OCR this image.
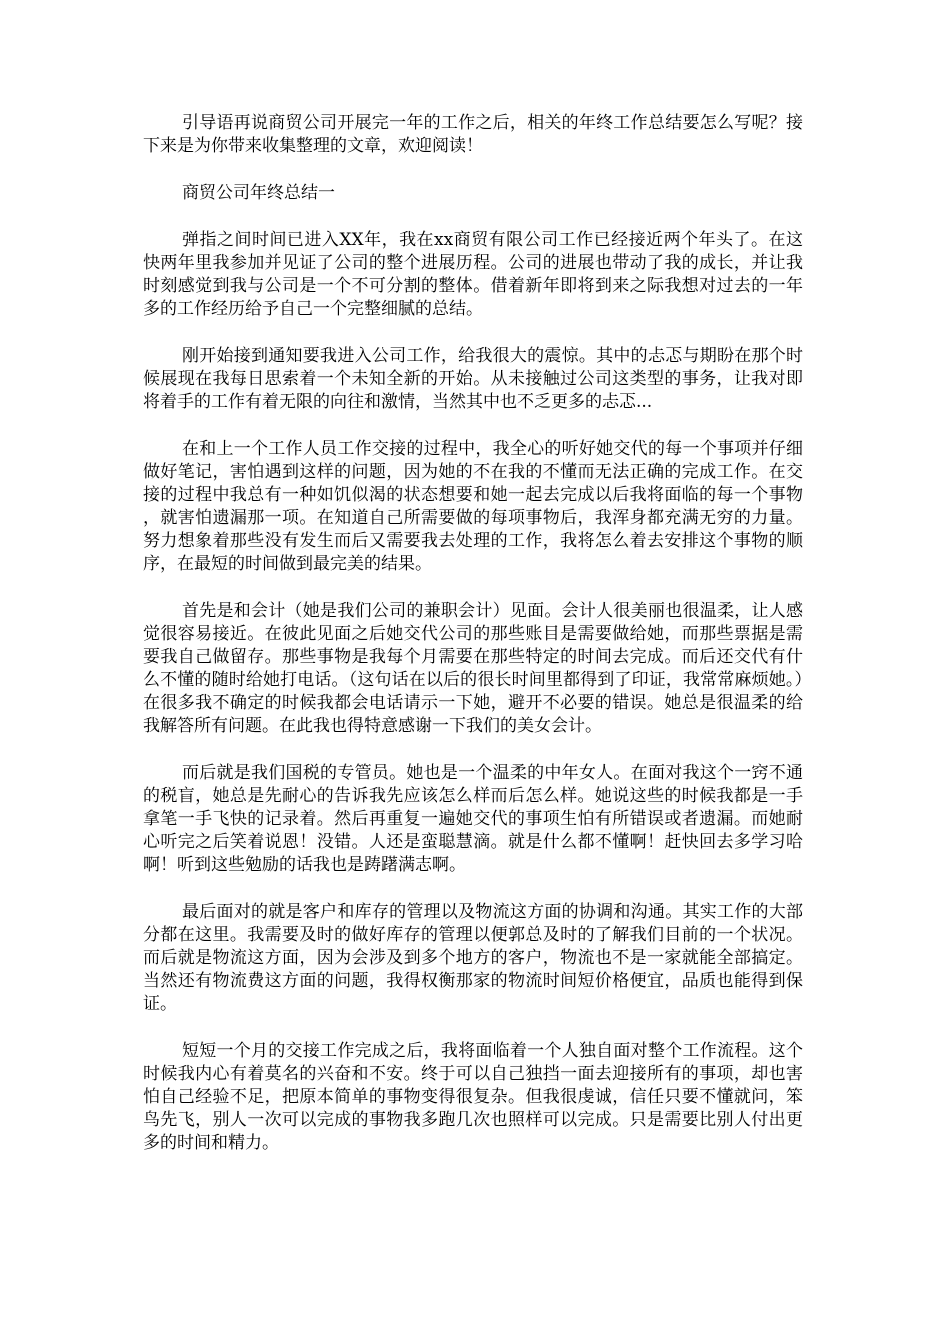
引导语再说商贸公司开展完一年的工作之后，相关的年终工作总结要怎么写呢？接下来是为你带来收集整理的文章，欢迎阅读！

商贸公司年终总结一

弹指之间时间已进入XX年，我在xx商贸有限公司工作已经接近两个年头了。在这快两年里我参加并见证了公司的整个进展历程。公司的进展也带动了我的成长，并让我时刻感觉到我与公司是一个不可分割的整体。借着新年即将到来之际我想对过去的一年多的工作经历给予自己一个完整细腻的总结。

刚开始接到通知要我进入公司工作，给我很大的震惊。其中的忐忑与期盼在那个时候展现在我每日思索着一个未知全新的开始。从未接触过公司这类型的事务，让我对即将着手的工作有着无限的向往和激情，当然其中也不乏更多的忐忑...

在和上一个工作人员工作交接的过程中，我全心的听好她交代的每一个事项并仔细做好笔记，害怕遇到这样的问题，因为她的不在我的不懂而无法正确的完成工作。在交接的过程中我总有一种如饥似渴的状态想要和她一起去完成以后我将面临的每一个事物，就害怕遗漏那一项。在知道自己所需要做的每项事物后，我浑身都充满无穷的力量。努力想象着那些没有发生而后又需要我去处理的工作，我将怎么着去安排这个事物的顺序，在最短的时间做到最完美的结果。

首先是和会计（她是我们公司的兼职会计）见面。会计人很美丽也很温柔，让人感觉很容易接近。在彼此见面之后她交代公司的那些账目是需要做给她，而那些票据是需要我自己做留存。那些事物是我每个月需要在那些特定的时间去完成。而后还交代有什么不懂的随时给她打电话。（这句话在以后的很长时间里都得到了印证，我常常麻烦她。）在很多我不确定的时候我都会电话请示一下她，避开不必要的错误。她总是很温柔的给我解答所有问题。在此我也得特意感谢一下我们的美女会计。

而后就是我们国税的专管员。她也是一个温柔的中年女人。在面对我这个一窍不通的税盲，她总是先耐心的告诉我先应该怎么样而后怎么样。她说这些的时候我都是一手拿笔一手飞快的记录着。然后再重复一遍她交代的事项生怕有所错误或者遗漏。而她耐心听完之后笑着说恩！没错。人还是蛮聪慧滴。就是什么都不懂啊！赶快回去多学习哈啊！听到这些勉励的话我也是踌躇满志啊。

最后面对的就是客户和库存的管理以及物流这方面的协调和沟通。其实工作的大部分都在这里。我需要及时的做好库存的管理以便郭总及时的了解我们目前的一个状况。而后就是物流这方面，因为会涉及到多个地方的客户，物流也不是一家就能全部搞定。当然还有物流费这方面的问题，我得权衡那家的物流时间短价格便宜，品质也能得到保证。

短短一个月的交接工作完成之后，我将面临着一个人独自面对整个工作流程。这个时候我内心有着莫名的兴奋和不安。终于可以自己独挡一面去迎接所有的事项，却也害怕自己经验不足，把原本简单的事物变得很复杂。但我很虔诚，信任只要不懂就问，笨鸟先飞，别人一次可以完成的事物我多跑几次也照样可以完成。只是需要比别人付出更多的时间和精力。
